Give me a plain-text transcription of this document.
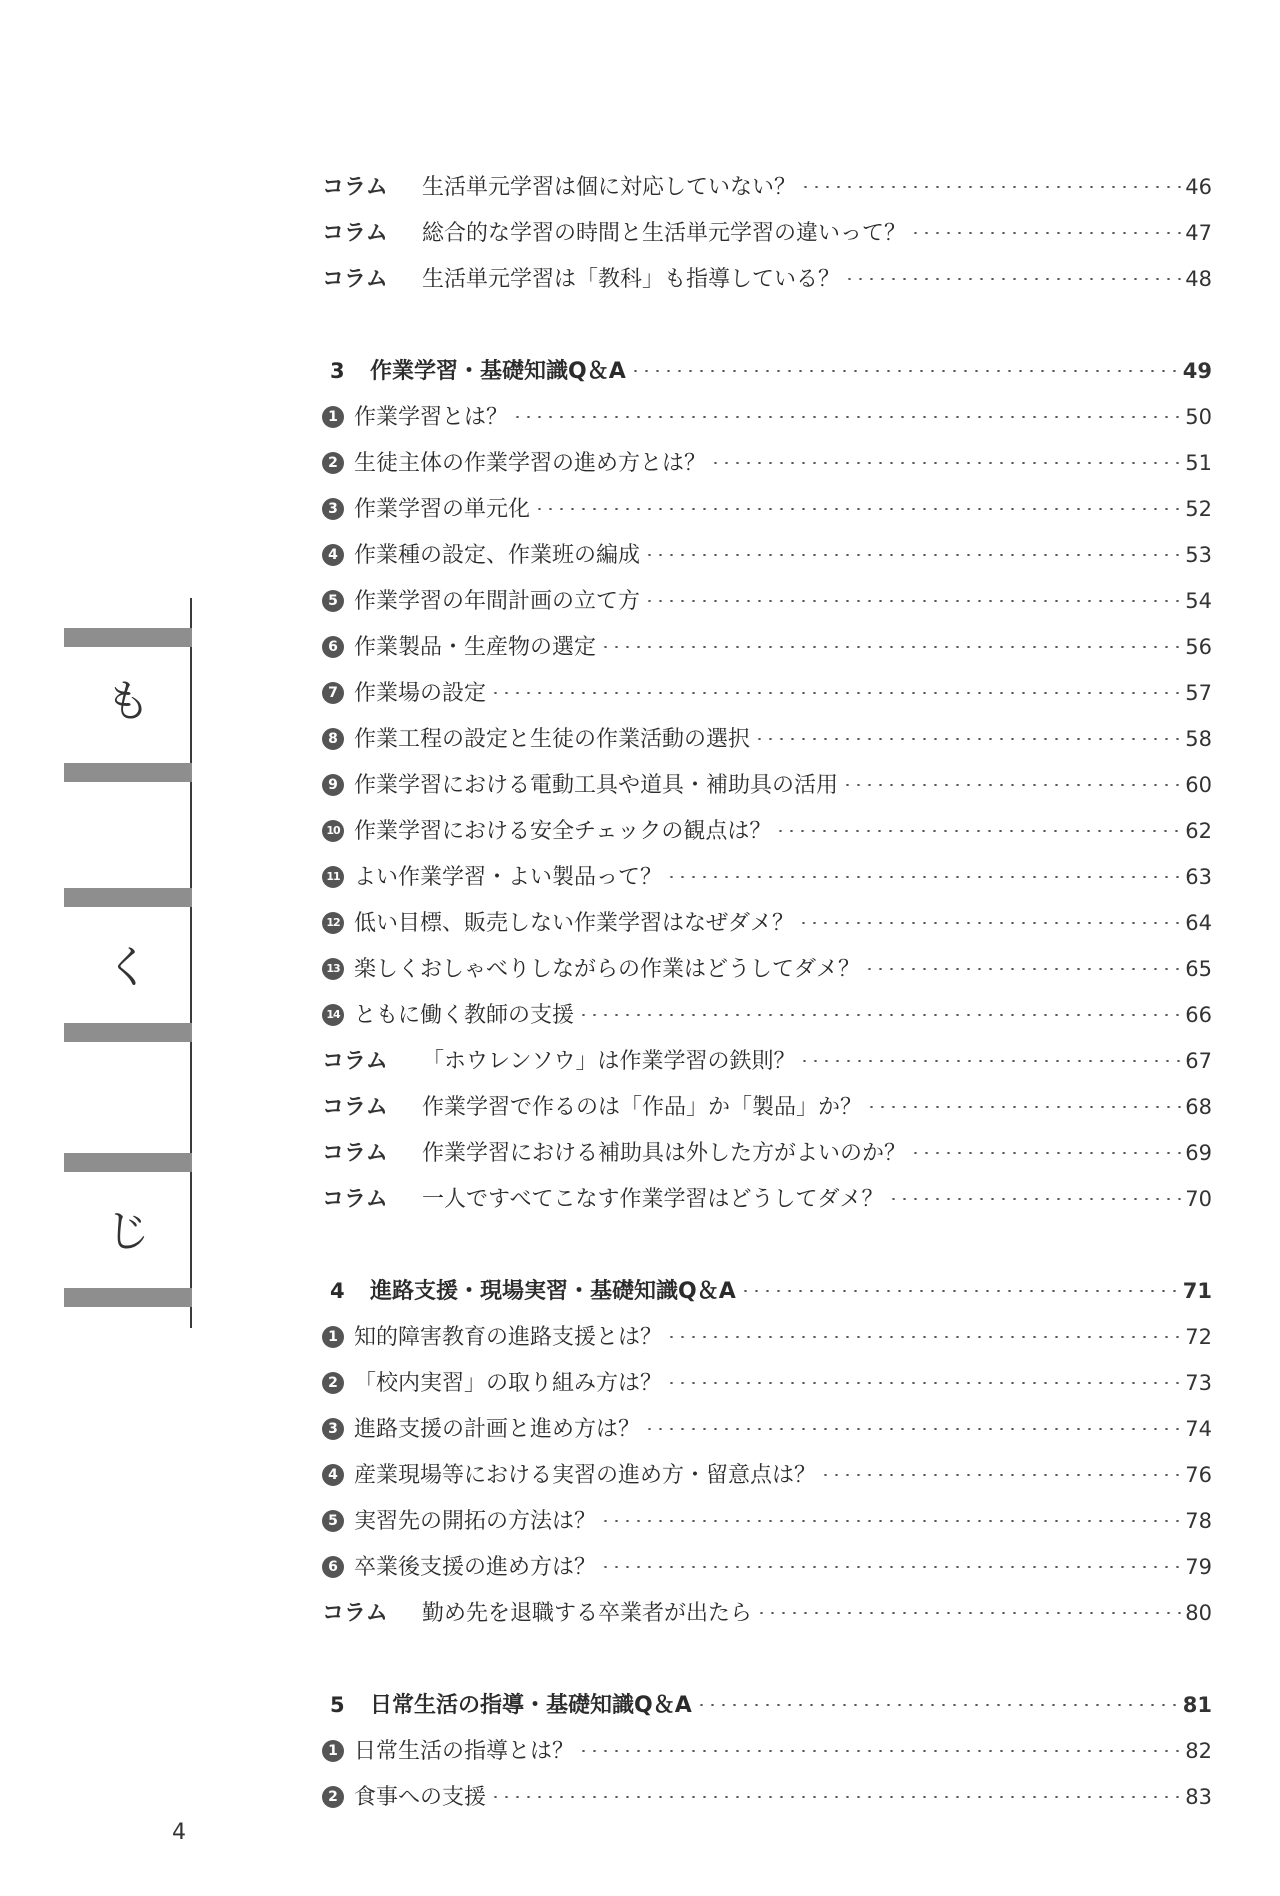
も
く
じ
コラム	生活単元学習は個に対応していない？	46
コラム	総合的な学習の時間と生活単元学習の違いって？	47
コラム	生活単元学習は「教科」も指導している？	48
3	作業学習・基礎知識Q＆A	49
1 作業学習とは？	50
2 生徒主体の作業学習の進め方とは？	51
3 作業学習の単元化	52
4 作業種の設定、作業班の編成	53
5 作業学習の年間計画の立て方	54
6 作業製品・生産物の選定	56
7 作業場の設定	57
8 作業工程の設定と生徒の作業活動の選択	58
9 作業学習における電動工具や道具・補助具の活用	60
10 作業学習における安全チェックの観点は？	62
11 よい作業学習・よい製品って？	63
12 低い目標、販売しない作業学習はなぜダメ？	64
13 楽しくおしゃべりしながらの作業はどうしてダメ？	65
14 ともに働く教師の支援	66
コラム	「ホウレンソウ」は作業学習の鉄則？	67
コラム	作業学習で作るのは「作品」か「製品」か？	68
コラム	作業学習における補助具は外した方がよいのか？	69
コラム	一人ですべてこなす作業学習はどうしてダメ？	70
4	進路支援・現場実習・基礎知識Q＆A	71
1 知的障害教育の進路支援とは？	72
2 「校内実習」の取り組み方は？	73
3 進路支援の計画と進め方は？	74
4 産業現場等における実習の進め方・留意点は？	76
5 実習先の開拓の方法は？	78
6 卒業後支援の進め方は？	79
コラム	勤め先を退職する卒業者が出たら	80
5	日常生活の指導・基礎知識Q＆A	81
1 日常生活の指導とは？	82
2 食事への支援	83
4
